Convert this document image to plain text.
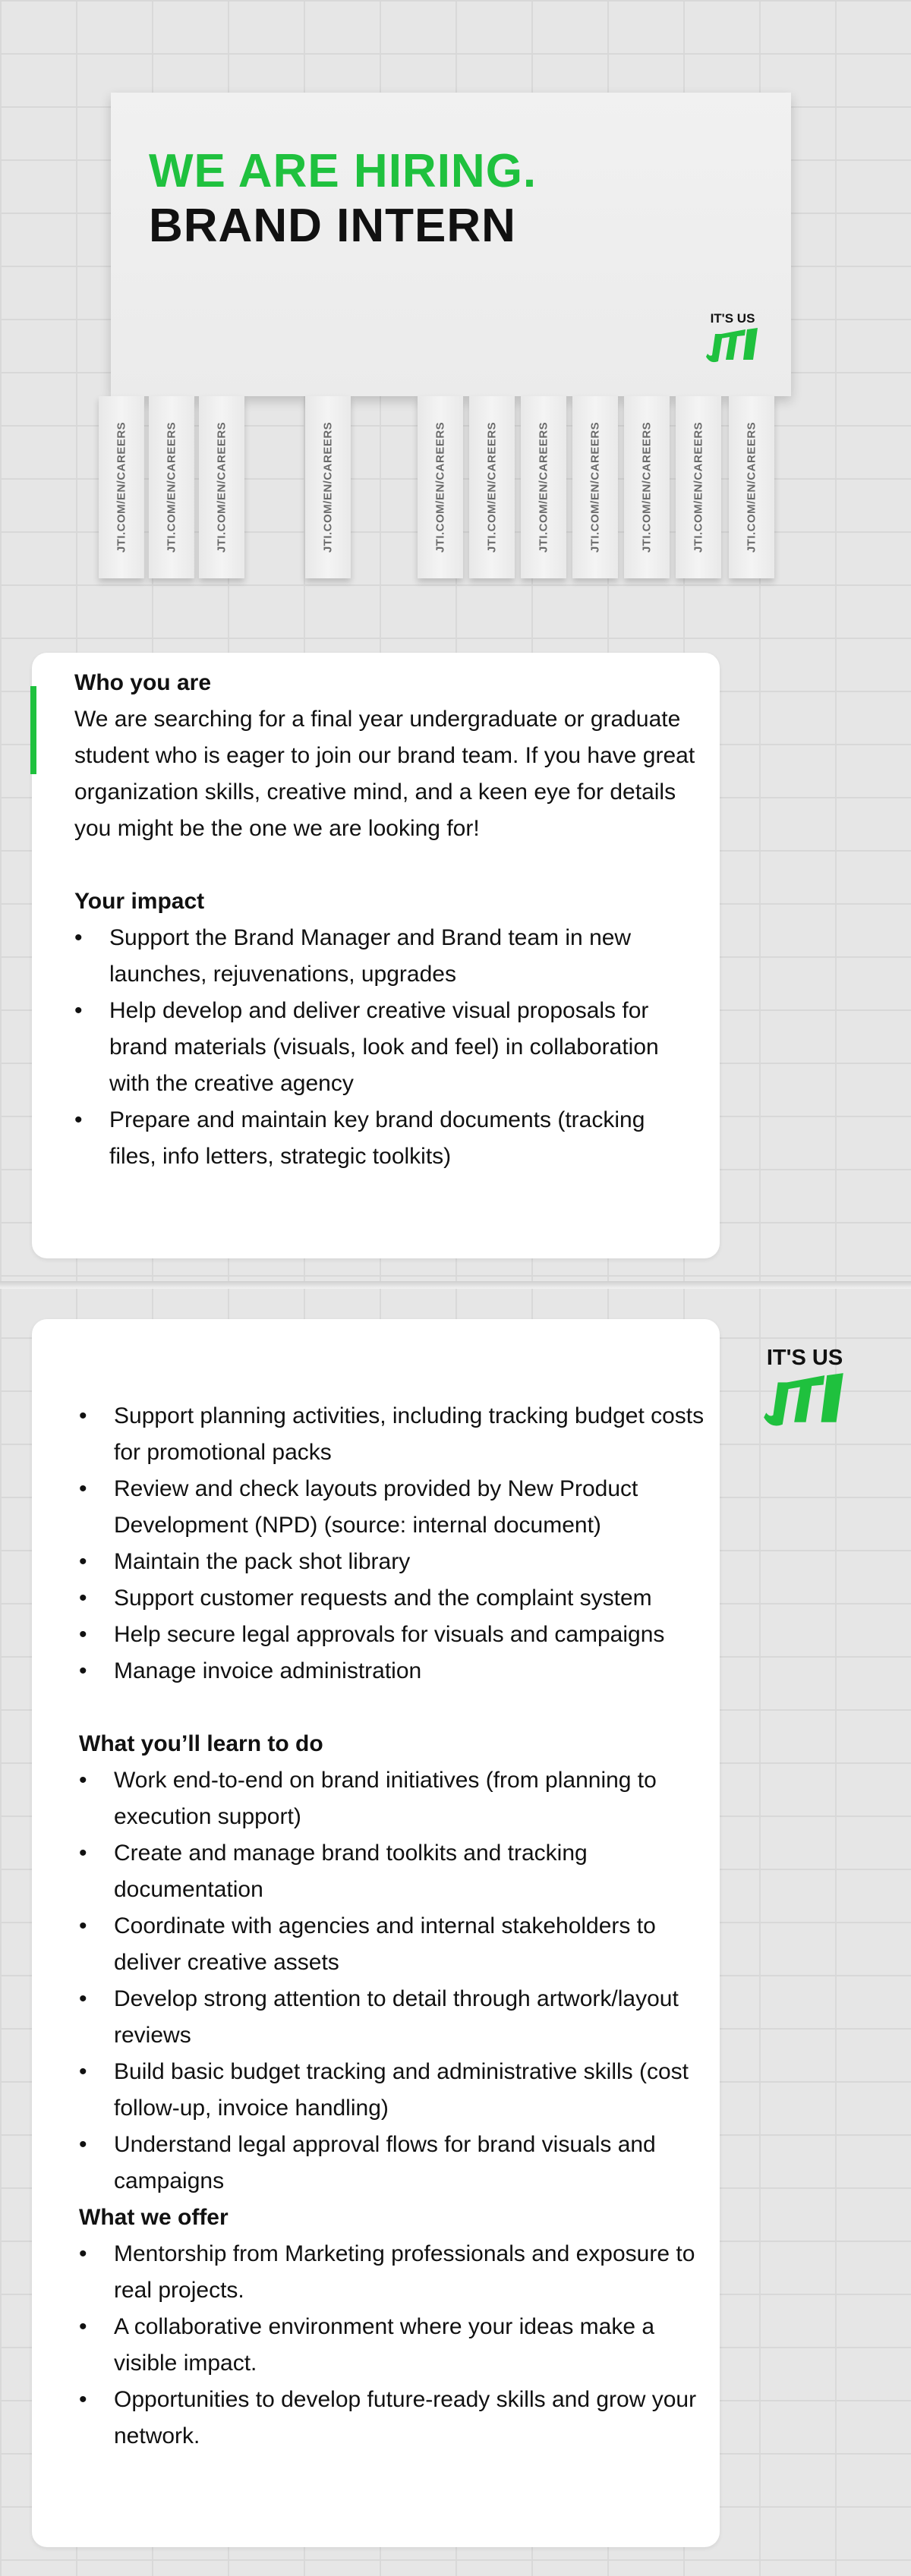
WE ARE HIRING.
BRAND INTERN
IT'S US
JTI.COM/EN/CAREERS	JTI.COM/EN/CAREERS	JTI.COM/EN/CAREERS	JTI.COM/EN/CAREERS	JTI.COM/EN/CAREERS	JTI.COM/EN/CAREERS	JTI.COM/EN/CAREERS	JTI.COM/EN/CAREERS	JTI.COM/EN/CAREERS	JTI.COM/EN/CAREERS	JTI.COM/EN/CAREERS
Who you are

We are searching for a final year undergraduate or graduate student who is eager to join our brand team. If you have great organization skills, creative mind, and a keen eye for details you might be the one we are looking for!

Your impact
• Support the Brand Manager and Brand team in new launches, rejuvenations, upgrades
• Help develop and deliver creative visual proposals for brand materials (visuals, look and feel) in collaboration with the creative agency
• Prepare and maintain key brand documents (tracking files, info letters, strategic toolkits)
IT'S US
• Support planning activities, including tracking budget costs for promotional packs
• Review and check layouts provided by New Product Development (NPD) (source: internal document)
• Maintain the pack shot library
• Support customer requests and the complaint system
• Help secure legal approvals for visuals and campaigns
• Manage invoice administration
What you’ll learn to do
• Work end-to-end on brand initiatives (from planning to execution support)
• Create and manage brand toolkits and tracking documentation
• Coordinate with agencies and internal stakeholders to deliver creative assets
• Develop strong attention to detail through artwork/layout reviews
• Build basic budget tracking and administrative skills (cost follow-up, invoice handling)
• Understand legal approval flows for brand visuals and campaigns
What we offer
• Mentorship from Marketing professionals and exposure to real projects.
• A collaborative environment where your ideas make a visible impact.
• Opportunities to develop future-ready skills and grow your network.
